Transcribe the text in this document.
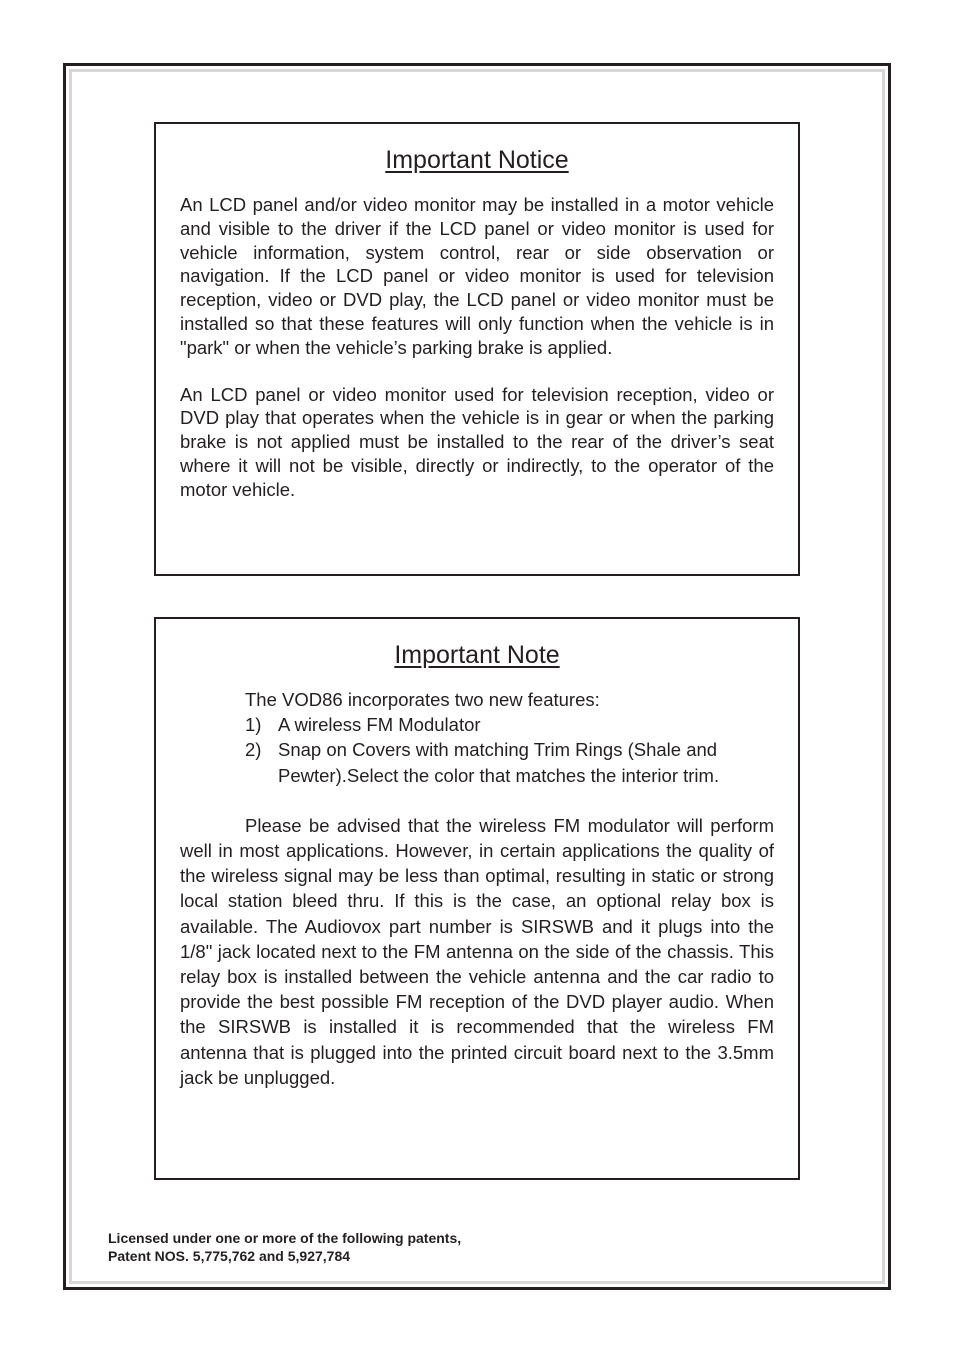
Important Notice

An LCD panel and/or video monitor may be installed in a motor vehicle and visible to the driver if the LCD panel or video monitor is used for vehicle information, system control, rear or side observation or navigation. If the LCD panel or video monitor is used for television reception, video or DVD play, the LCD panel or video monitor must be installed so that these features will only function when the vehicle is in "park" or when the vehicle’s parking brake is applied.

An LCD panel or video monitor used for television reception, video or DVD play that operates when the vehicle is in gear or when the parking brake is not applied must be installed to the rear of the driver’s seat where it will not be visible, directly or indirectly, to the operator of the motor vehicle.

Important Note

The VOD86 incorporates two new features:

1) A wireless FM Modulator
2) Snap on Covers with matching Trim Rings (Shale and Pewter).Select the color that matches the interior trim.

Please be advised that the wireless FM modulator will perform well in most applications. However, in certain applications the quality of the wireless signal may be less than optimal, resulting in static or strong local station bleed thru. If this is the case, an optional relay box is available. The Audiovox part number is SIRSWB and it plugs into the 1/8" jack located next to the FM antenna on the side of the chassis. This relay box is installed between the vehicle antenna and the car radio to provide the best possible FM reception of the DVD player audio. When the SIRSWB is installed it is recommended that the wireless FM antenna that is plugged into the printed circuit board next to the 3.5mm jack be unplugged.

Licensed under one or more of the following patents,
Patent NOS. 5,775,762 and 5,927,784
